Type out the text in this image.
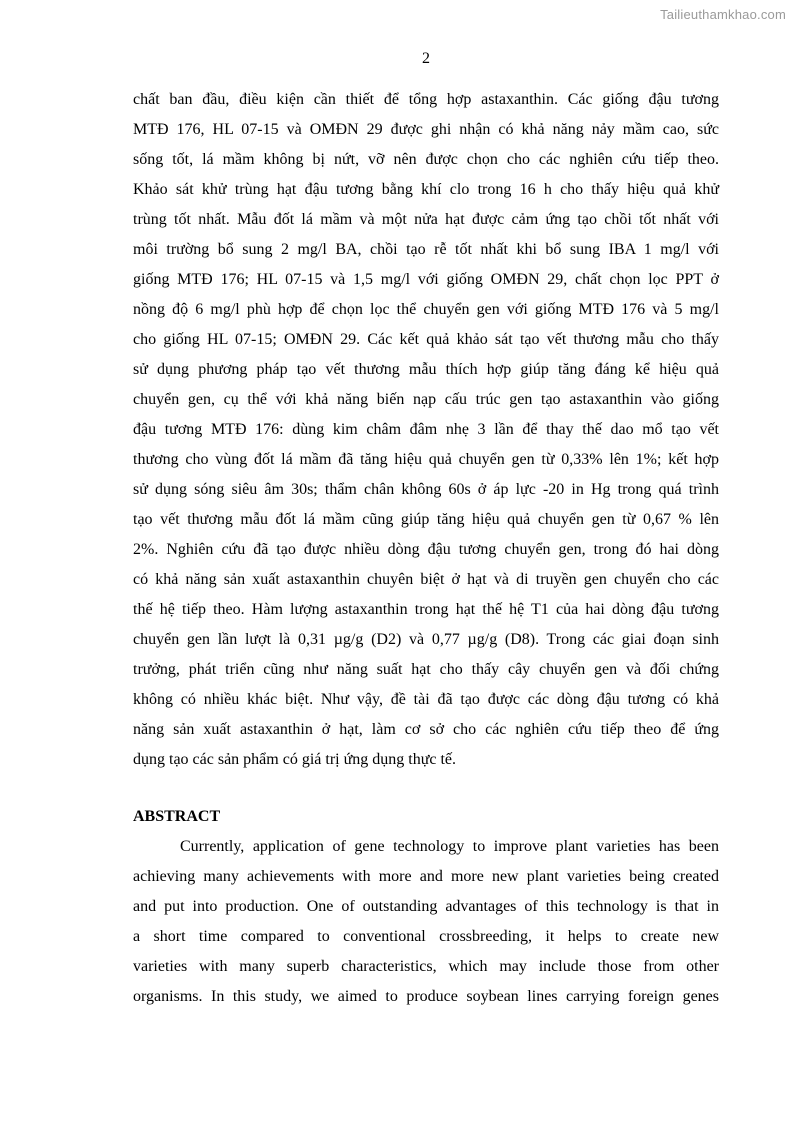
Tailieuthamkhao.com
2
chất ban đầu, điều kiện cần thiết để tổng hợp astaxanthin. Các giống đậu tương
MTĐ 176, HL 07-15 và OMĐN 29 được ghi nhận có khả năng nảy mầm cao, sức
sống tốt, lá mầm không bị nứt, vỡ nên được chọn cho các nghiên cứu tiếp theo.
Khảo sát khử trùng hạt đậu tương bằng khí clo trong 16 h cho thấy hiệu quả khử
trùng tốt nhất. Mẫu đốt lá mầm và một nửa hạt được cảm ứng tạo chồi tốt nhất với
môi trường bổ sung 2 mg/l BA, chồi tạo rễ tốt nhất khi bổ sung IBA 1 mg/l với
giống MTĐ 176; HL 07-15 và 1,5 mg/l với giống OMĐN 29, chất chọn lọc PPT ở
nồng độ 6 mg/l phù hợp để chọn lọc thể chuyển gen với giống MTĐ 176 và 5 mg/l
cho giống HL 07-15; OMĐN 29. Các kết quả khảo sát tạo vết thương mẫu cho thấy
sử dụng phương pháp tạo vết thương mẫu thích hợp giúp tăng đáng kể hiệu quả
chuyển gen, cụ thể với khả năng biến nạp cấu trúc gen tạo astaxanthin vào giống
đậu tương MTĐ 176: dùng kim châm đâm nhẹ 3 lần để thay thế dao mổ tạo vết
thương cho vùng đốt lá mầm đã tăng hiệu quả chuyển gen từ 0,33% lên 1%; kết hợp
sử dụng sóng siêu âm 30s; thẩm chân không 60s ở áp lực -20 in Hg trong quá trình
tạo vết thương mẫu đốt lá mầm cũng giúp tăng hiệu quả chuyển gen từ 0,67 % lên
2%. Nghiên cứu đã tạo được nhiều dòng đậu tương chuyển gen, trong đó hai dòng
có khả năng sản xuất astaxanthin chuyên biệt ở hạt và di truyền gen chuyển cho các
thế hệ tiếp theo. Hàm lượng astaxanthin trong hạt thế hệ T1 của hai dòng đậu tương
chuyển gen lần lượt là 0,31 µg/g (D2) và 0,77 µg/g (D8). Trong các giai đoạn sinh
trưởng, phát triển cũng như năng suất hạt cho thấy cây chuyển gen và đối chứng
không có nhiều khác biệt. Như vậy, đề tài đã tạo được các dòng đậu tương có khả
năng sản xuất astaxanthin ở hạt, làm cơ sở cho các nghiên cứu tiếp theo để ứng
dụng tạo các sản phẩm có giá trị ứng dụng thực tế.
ABSTRACT
Currently, application of gene technology to improve plant varieties has been
achieving many achievements with more and more new plant varieties being created
and put into production. One of outstanding advantages of this technology is that in
a short time compared to conventional crossbreeding, it helps to create new
varieties with many superb characteristics, which may include those from other
organisms. In this study, we aimed to produce soybean lines carrying foreign genes
